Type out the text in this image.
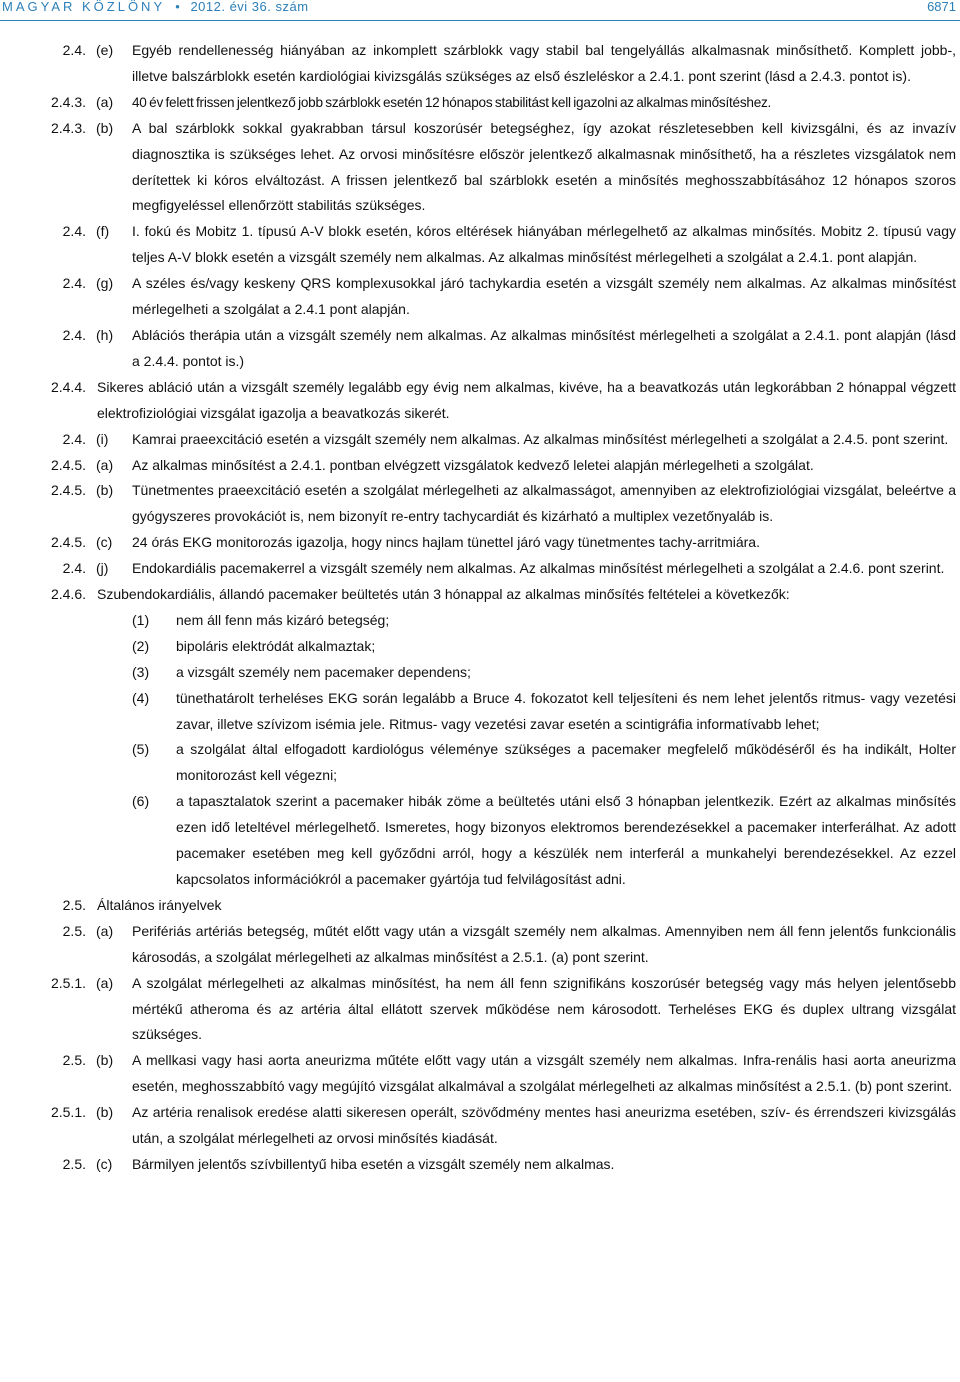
MAGYAR KÖZLÖNY • 2012. évi 36. szám	6871
2.4. (e) Egyéb rendellenesség hiányában az inkomplett szárblokk vagy stabil bal tengelyállás alkalmasnak minősíthető. Komplett jobb-, illetve balszárblokk esetén kardiológiai kivizsgálás szükséges az első észleléskor a 2.4.1. pont szerint (lásd a 2.4.3. pontot is).
2.4.3. (a) 40 év felett frissen jelentkező jobb szárblokk esetén 12 hónapos stabilitást kell igazolni az alkalmas minősítéshez.
2.4.3. (b) A bal szárblokk sokkal gyakrabban társul koszorúsér betegséghez, így azokat részletesebben kell kivizsgálni, és az invazív diagnosztika is szükséges lehet. Az orvosi minősítésre először jelentkező alkalmasnak minősíthető, ha a részletes vizsgálatok nem derítettek ki kóros elváltozást. A frissen jelentkező bal szárblokk esetén a minősítés meghosszabbításához 12 hónapos szoros megfigyeléssel ellenőrzött stabilitás szükséges.
2.4. (f) I. fokú és Mobitz 1. típusú A-V blokk esetén, kóros eltérések hiányában mérlegelhető az alkalmas minősítés. Mobitz 2. típusú vagy teljes A-V blokk esetén a vizsgált személy nem alkalmas. Az alkalmas minősítést mérlegelheti a szolgálat a 2.4.1. pont alapján.
2.4. (g) A széles és/vagy keskeny QRS komplexusokkal járó tachykardia esetén a vizsgált személy nem alkalmas. Az alkalmas minősítést mérlegelheti a szolgálat a 2.4.1 pont alapján.
2.4. (h) Ablációs therápia után a vizsgált személy nem alkalmas. Az alkalmas minősítést mérlegelheti a szolgálat a 2.4.1. pont alapján (lásd a 2.4.4. pontot is.)
2.4.4. Sikeres abláció után a vizsgált személy legalább egy évig nem alkalmas, kivéve, ha a beavatkozás után legkorábban 2 hónappal végzett elektrofiziológiai vizsgálat igazolja a beavatkozás sikerét.
2.4. (i) Kamrai praeexcitáció esetén a vizsgált személy nem alkalmas. Az alkalmas minősítést mérlegelheti a szolgálat a 2.4.5. pont szerint.
2.4.5. (a) Az alkalmas minősítést a 2.4.1. pontban elvégzett vizsgálatok kedvező leletei alapján mérlegelheti a szolgálat.
2.4.5. (b) Tünetmentes praeexcitáció esetén a szolgálat mérlegelheti az alkalmasságot, amennyiben az elektrofiziológiai vizsgálat, beleértve a gyógyszeres provokációt is, nem bizonyít re-entry tachycardiát és kizárható a multiplex vezetőnyaláb is.
2.4.5. (c) 24 órás EKG monitorozás igazolja, hogy nincs hajlam tünettel járó vagy tünetmentes tachy-arritmiára.
2.4. (j) Endokardiális pacemakerrel a vizsgált személy nem alkalmas. Az alkalmas minősítést mérlegelheti a szolgálat a 2.4.6. pont szerint.
2.4.6. Szubendokardiális, állandó pacemaker beültetés után 3 hónappal az alkalmas minősítés feltételei a következők:
(1) nem áll fenn más kizáró betegség;
(2) bipoláris elektródát alkalmaztak;
(3) a vizsgált személy nem pacemaker dependens;
(4) tünethatárolt terheléses EKG során legalább a Bruce 4. fokozatot kell teljesíteni és nem lehet jelentős ritmus- vagy vezetési zavar, illetve szívizom isémia jele. Ritmus- vagy vezetési zavar esetén a scintigráfia informatívabb lehet;
(5) a szolgálat által elfogadott kardiológus véleménye szükséges a pacemaker megfelelő működéséről és ha indikált, Holter monitorozást kell végezni;
(6) a tapasztalatok szerint a pacemaker hibák zöme a beültetés utáni első 3 hónapban jelentkezik. Ezért az alkalmas minősítés ezen idő leteltével mérlegelhető. Ismeretes, hogy bizonyos elektromos berendezésekkel a pacemaker interferálhat. Az adott pacemaker esetében meg kell győződni arról, hogy a készülék nem interferál a munkahelyi berendezésekkel. Az ezzel kapcsolatos információkról a pacemaker gyártója tud felvilágosítást adni.
2.5. Általános irányelvek
2.5. (a) Perifériás artériás betegség, műtét előtt vagy után a vizsgált személy nem alkalmas. Amennyiben nem áll fenn jelentős funkcionális károsodás, a szolgálat mérlegelheti az alkalmas minősítést a 2.5.1. (a) pont szerint.
2.5.1. (a) A szolgálat mérlegelheti az alkalmas minősítést, ha nem áll fenn szignifikáns koszorúsér betegség vagy más helyen jelentősebb mértékű atheroma és az artéria által ellátott szervek működése nem károsodott. Terheléses EKG és duplex ultrang vizsgálat szükséges.
2.5. (b) A mellkasi vagy hasi aorta aneurizma műtéte előtt vagy után a vizsgált személy nem alkalmas. Infra-renális hasi aorta aneurizma esetén, meghosszabbító vagy megújító vizsgálat alkalmával a szolgálat mérlegelheti az alkalmas minősítést a 2.5.1. (b) pont szerint.
2.5.1. (b) Az artéria renalisok eredése alatti sikeresen operált, szövődmény mentes hasi aneurizma esetében, szív- és érrendszeri kivizsgálás után, a szolgálat mérlegelheti az orvosi minősítés kiadását.
2.5. (c) Bármilyen jelentős szívbillentyű hiba esetén a vizsgált személy nem alkalmas.
